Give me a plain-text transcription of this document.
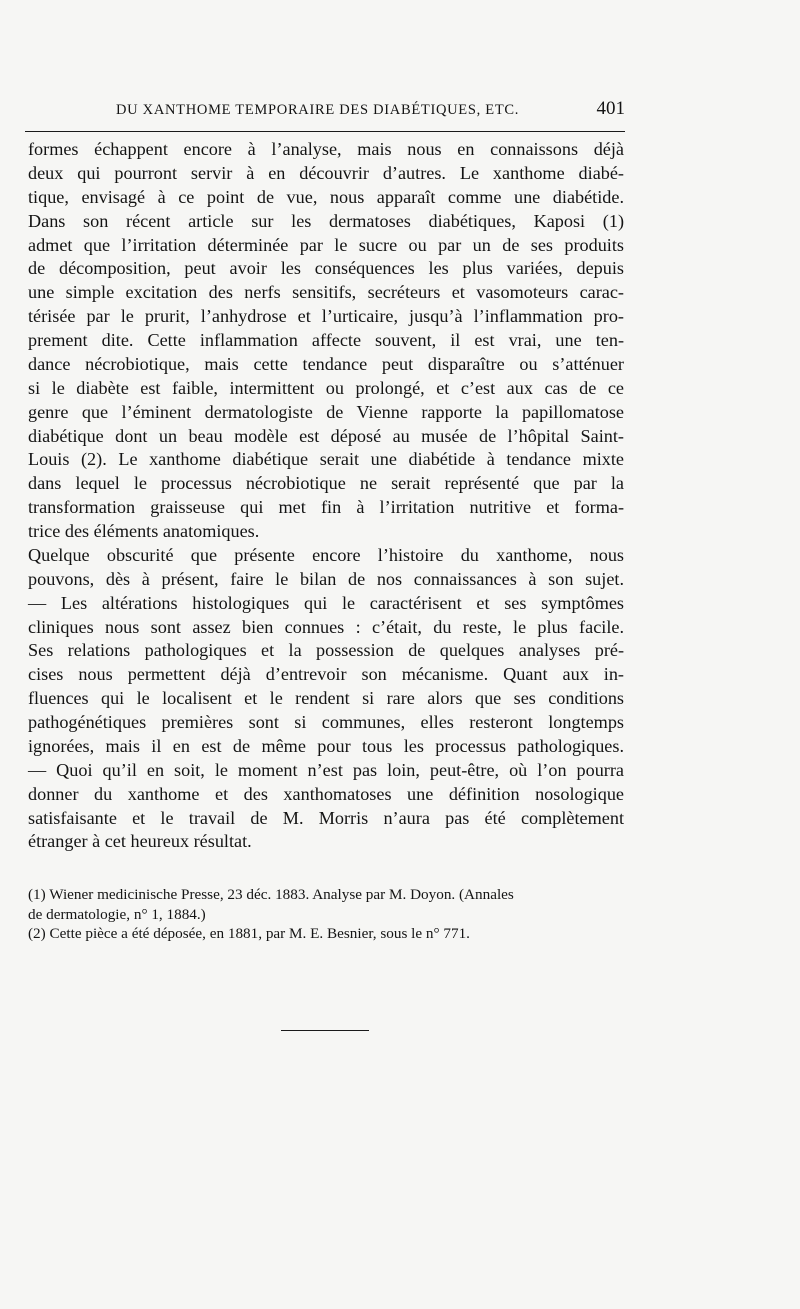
DU XANTHOME TEMPORAIRE DES DIABÉTIQUES, ETC.	401
formes échappent encore à l’analyse, mais nous en connaissons déjà
deux qui pourront servir à en découvrir d’autres. Le xanthome diabé-
tique, envisagé à ce point de vue, nous apparaît comme une diabétide.
Dans son récent article sur les dermatoses diabétiques, Kaposi (1)
admet que l’irritation déterminée par le sucre ou par un de ses produits
de décomposition, peut avoir les conséquences les plus variées, depuis
une simple excitation des nerfs sensitifs, secréteurs et vasomoteurs carac-
térisée par le prurit, l’anhydrose et l’urticaire, jusqu’à l’inflammation pro-
prement dite. Cette inflammation affecte souvent, il est vrai, une ten-
dance nécrobiotique, mais cette tendance peut disparaître ou s’atténuer
si le diabète est faible, intermittent ou prolongé, et c’est aux cas de ce
genre que l’éminent dermatologiste de Vienne rapporte la papillomatose
diabétique dont un beau modèle est déposé au musée de l’hôpital Saint-
Louis (2). Le xanthome diabétique serait une diabétide à tendance mixte
dans lequel le processus nécrobiotique ne serait représenté que par la
transformation graisseuse qui met fin à l’irritation nutritive et forma-
trice des éléments anatomiques.
Quelque obscurité que présente encore l’histoire du xanthome, nous
pouvons, dès à présent, faire le bilan de nos connaissances à son sujet.
— Les altérations histologiques qui le caractérisent et ses symptômes
cliniques nous sont assez bien connues : c’était, du reste, le plus facile.
Ses relations pathologiques et la possession de quelques analyses pré-
cises nous permettent déjà d’entrevoir son mécanisme. Quant aux in-
fluences qui le localisent et le rendent si rare alors que ses conditions
pathogénétiques premières sont si communes, elles resteront longtemps
ignorées, mais il en est de même pour tous les processus pathologiques.
— Quoi qu’il en soit, le moment n’est pas loin, peut-être, où l’on pourra
donner du xanthome et des xanthomatoses une définition nosologique
satisfaisante et le travail de M. Morris n’aura pas été complètement
étranger à cet heureux résultat.
(1) Wiener medicinische Presse, 23 déc. 1883. Analyse par M. Doyon. (Annales
de dermatologie, n° 1, 1884.)
(2) Cette pièce a été déposée, en 1881, par M. E. Besnier, sous le n° 771.
